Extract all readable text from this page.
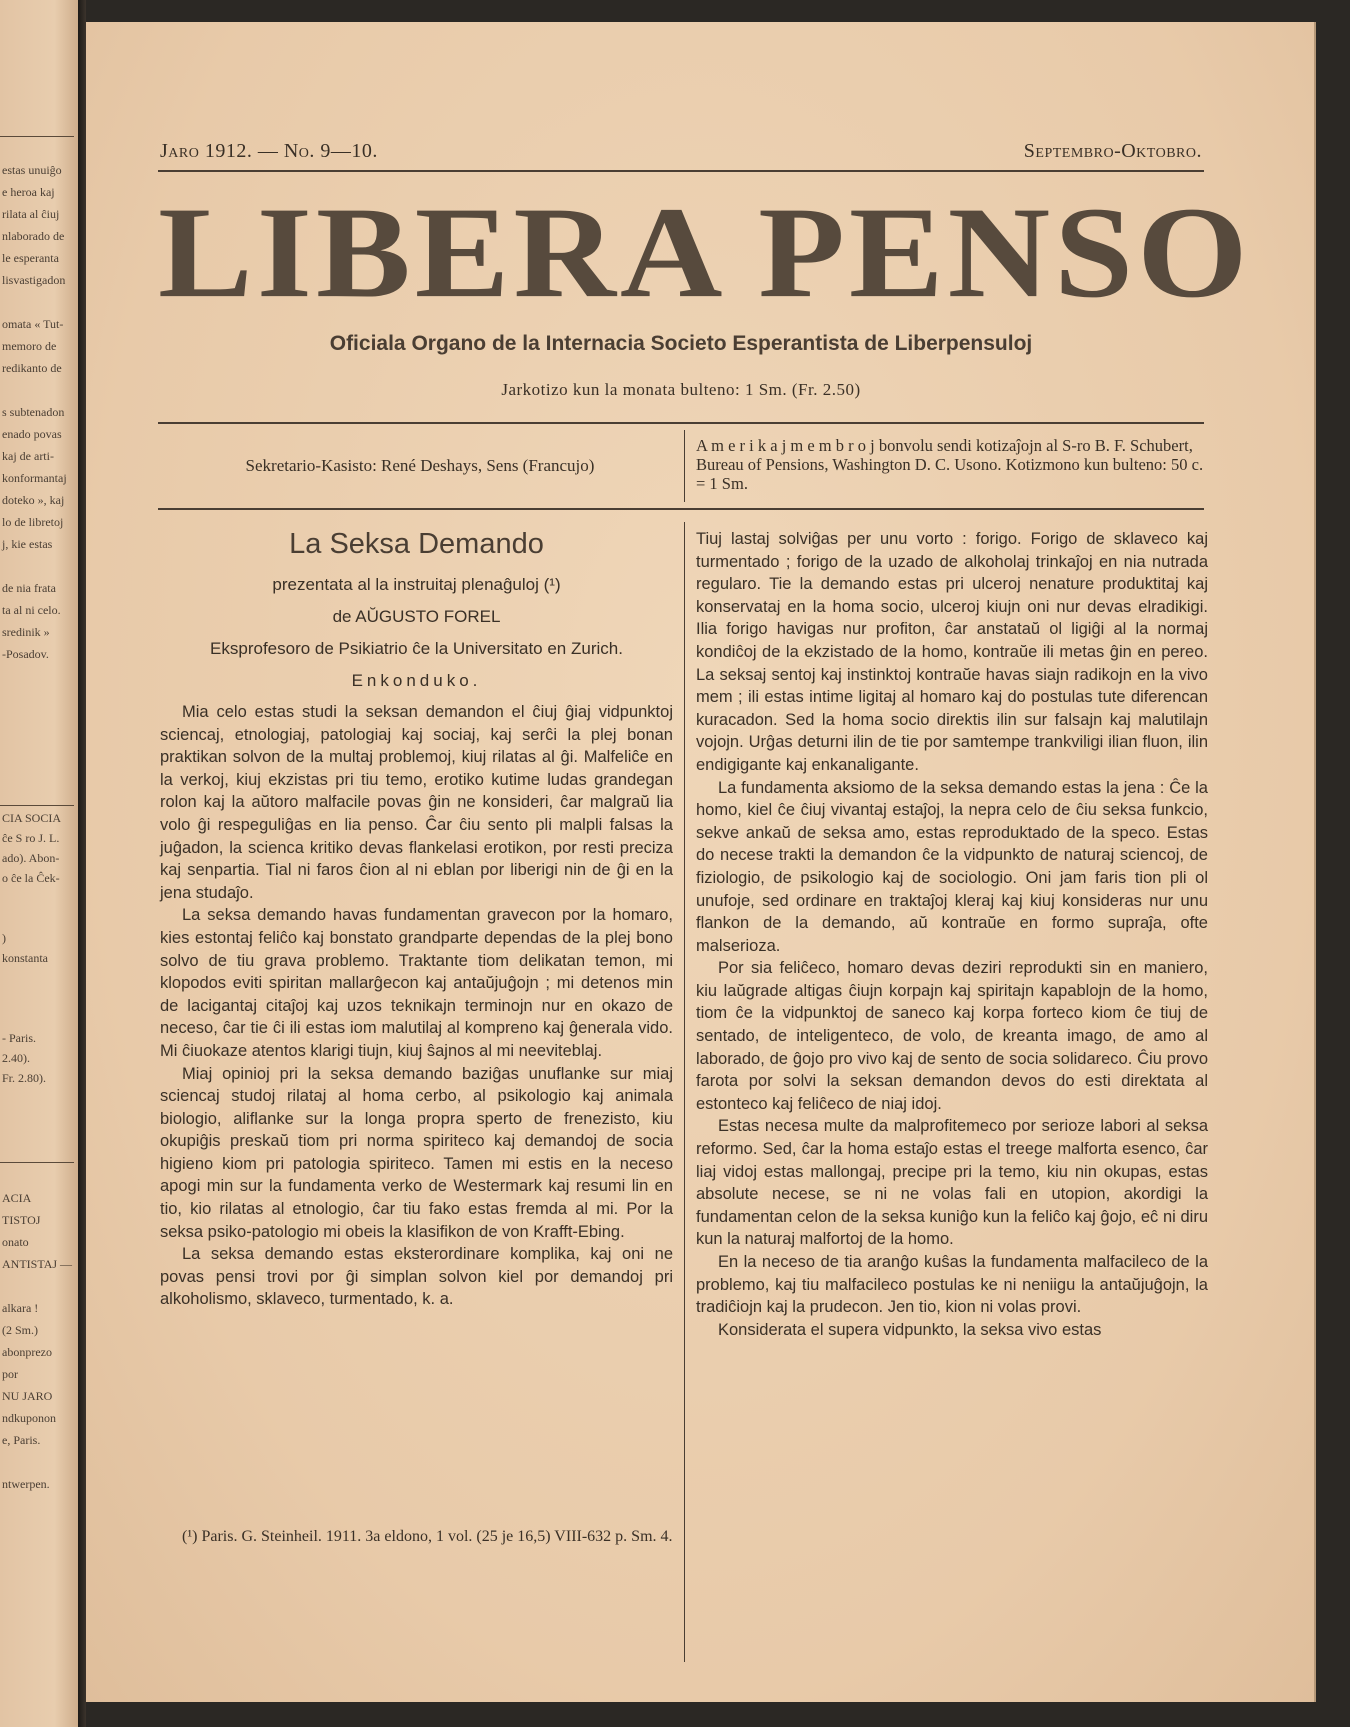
estas unuiĝo
e heroa kaj
rilata al ĉiuj
nlaborado de
le esperanta
lisvastigadon
omata « Tut-
memoro de
redikanto de
s subtenadon
enado povas
kaj de arti-
konformantaj
doteko », kaj
lo de libretoj
j, kie estas
de nia frata
ta al ni celo.
sredinik »
-Posadov.
CIA SOCIA
ĉe S ro J. L.
ado). Abon-
o ĉe la Ĉek-
)
konstanta
- Paris.
2.40).
Fr. 2.80).
ACIA
TISTOJ
onato
ANTISTAJ —
alkara !
(2 Sm.)
abonprezo
por
NU JARO
ndkuponon
e, Paris.
ntwerpen.
Jaro 1912. — No. 9—10.	Septembro-Oktobro.
LIBERA PENSO
Oficiala Organo de la Internacia Societo Esperantista de Liberpensuloj
Jarkotizo kun la monata bulteno: 1 Sm. (Fr. 2.50)
Sekretario-Kasisto: René Deshays, Sens (Francujo)
A m e r i k a j m e m b r o j bonvolu sendi kotizaĵojn al S-ro B. F. Schubert, Bureau of Pensions, Washington D. C. Usono. Kotizmono kun bulteno: 50 c. = 1 Sm.
La Seksa Demando
prezentata al la instruitaj plenaĝuloj (¹)
de AŬGUSTO FOREL
Eksprofesoro de Psikiatrio ĉe la Universitato en Zurich.
Enkonduko.

Mia celo estas studi la seksan demandon el ĉiuj ĝiaj vidpunktoj sciencaj, etnologiaj, patologiaj kaj sociaj, kaj serĉi la plej bonan praktikan solvon de la multaj problemoj, kiuj rilatas al ĝi. Malfeliĉe en la verkoj, kiuj ekzistas pri tiu temo, erotiko kutime ludas grandegan rolon kaj la aŭtoro malfacile povas ĝin ne konsideri, ĉar malgraŭ lia volo ĝi respeguliĝas en lia penso. Ĉar ĉiu sento pli malpli falsas la juĝadon, la scienca kritiko devas flankelasi erotikon, por resti preciza kaj senpartia. Tial ni faros ĉion al ni eblan por liberigi nin de ĝi en la jena studaĵo.

La seksa demando havas fundamentan gravecon por la homaro, kies estontaj feliĉo kaj bonstato grandparte dependas de la plej bono solvo de tiu grava problemo. Traktante tiom delikatan temon, mi klopodos eviti spiritan mallarĝecon kaj antaŭjuĝojn ; mi detenos min de lacigantaj citaĵoj kaj uzos teknikajn terminojn nur en okazo de neceso, ĉar tie ĉi ili estas iom malutilaj al kompreno kaj ĝenerala vido. Mi ĉiuokaze atentos klarigi tiujn, kiuj ŝajnos al mi neeviteblaj.

Miaj opinioj pri la seksa demando baziĝas unuflanke sur miaj sciencaj studoj rilataj al homa cerbo, al psikologio kaj animala biologio, aliflanke sur la longa propra sperto de frenezisto, kiu okupiĝis preskaŭ tiom pri norma spiriteco kaj demandoj de socia higieno kiom pri patologia spiriteco. Tamen mi estis en la neceso apogi min sur la fundamenta verko de Westermark kaj resumi lin en tio, kio rilatas al etnologio, ĉar tiu fako estas fremda al mi. Por la seksa psiko-patologio mi obeis la klasifikon de von Krafft-Ebing.

La seksa demando estas eksterordinare komplika, kaj oni ne povas pensi trovi por ĝi simplan solvon kiel por demandoj pri alkoholismo, sklaveco, turmentado, k. a.

(¹) Paris. G. Steinheil. 1911. 3a eldono, 1 vol. (25 je 16,5) VIII-632 p. Sm. 4.

Tiuj lastaj solviĝas per unu vorto : forigo. Forigo de sklaveco kaj turmentado ; forigo de la uzado de alkoholaj trinkaĵoj en nia nutrada regularo. Tie la demando estas pri ulceroj nenature produktitaj kaj konservataj en la homa socio, ulceroj kiujn oni nur devas elradikigi. Ilia forigo havigas nur profiton, ĉar anstataŭ ol ligiĝi al la normaj kondiĉoj de la ekzistado de la homo, kontraŭe ili metas ĝin en pereo. La seksaj sentoj kaj instinktoj kontraŭe havas siajn radikojn en la vivo mem ; ili estas intime ligitaj al homaro kaj do postulas tute diferencan kuracadon. Sed la homa socio direktis ilin sur falsajn kaj malutilajn vojojn. Urĝas deturni ilin de tie por samtempe trankviligi ilian fluon, ilin endigigante kaj enkanaligante.

La fundamenta aksiomo de la seksa demando estas la jena : Ĉe la homo, kiel ĉe ĉiuj vivantaj estaĵoj, la nepra celo de ĉiu seksa funkcio, sekve ankaŭ de seksa amo, estas reproduktado de la speco. Estas do necese trakti la demandon ĉe la vidpunkto de naturaj sciencoj, de fiziologio, de psikologio kaj de sociologio. Oni jam faris tion pli ol unufoje, sed ordinare en traktaĵoj kleraj kaj kiuj konsideras nur unu flankon de la demando, aŭ kontraŭe en formo supraĵa, ofte malserioza.

Por sia feliĉeco, homaro devas deziri reprodukti sin en maniero, kiu laŭgrade altigas ĉiujn korpajn kaj spiritajn kapablojn de la homo, tiom ĉe la vidpunktoj de saneco kaj korpa forteco kiom ĉe tiuj de sentado, de inteligenteco, de volo, de kreanta imago, de amo al laborado, de ĝojo pro vivo kaj de sento de socia solidareco. Ĉiu provo farota por solvi la seksan demandon devos do esti direktata al estonteco kaj feliĉeco de niaj idoj.

Estas necesa multe da malprofitemeco por serioze labori al seksa reformo. Sed, ĉar la homa estaĵo estas el treege malforta esenco, ĉar liaj vidoj estas mallongaj, precipe pri la temo, kiu nin okupas, estas absolute necese, se ni ne volas fali en utopion, akordigi la fundamentan celon de la seksa kuniĝo kun la feliĉo kaj ĝojo, eĉ ni diru kun la naturaj malfortoj de la homo.

En la neceso de tia aranĝo kuŝas la fundamenta malfacileco de la problemo, kaj tiu malfacileco postulas ke ni neniigu la antaŭjuĝojn, la tradiĉiojn kaj la prudecon. Jen tio, kion ni volas provi.

Konsiderata el supera vidpunkto, la seksa vivo estas
